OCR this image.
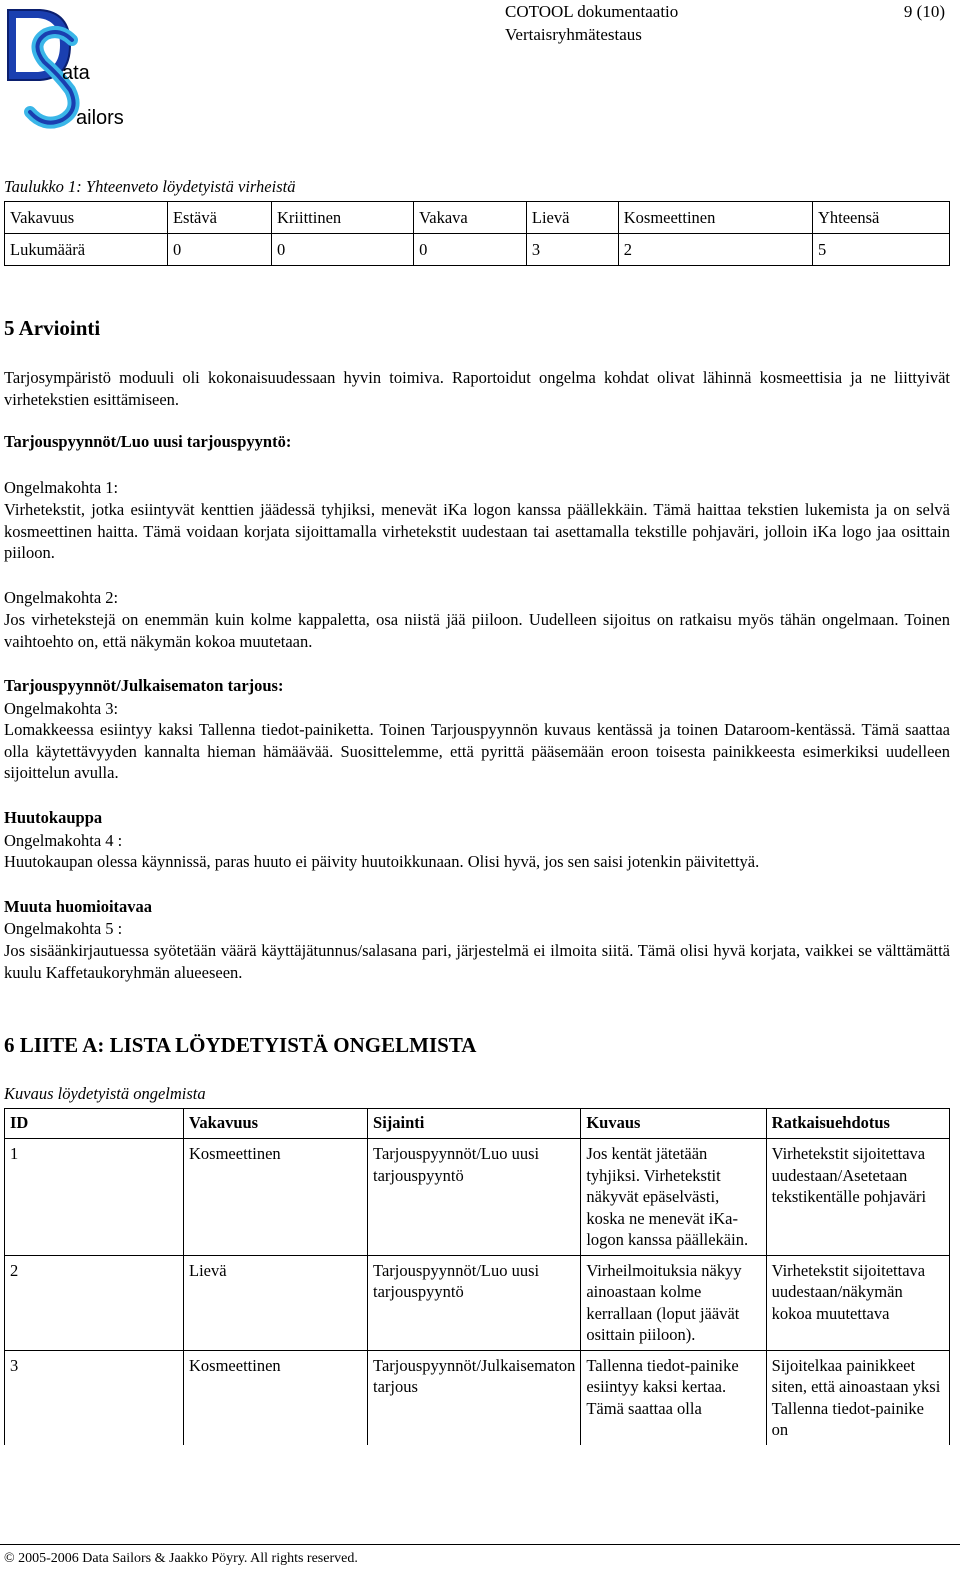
COTOOL dokumentaatio	9 (10)
Vertaisryhmätestaus
ata
ailors
Taulukko 1: Yhteenveto löydetyistä virheistä
Vakavuus	Estävä	Kriittinen	Vakava	Lievä	Kosmeettinen	Yhteensä
Lukumäärä	0	0	0	3	2	5
5 Arviointi
Tarjosympäristö moduuli oli kokonaisuudessaan hyvin toimiva. Raportoidut ongelma kohdat olivat lähinnä kosmeettisia ja ne liittyivät virhetekstien esittämiseen.
Tarjouspyynnöt/Luo uusi tarjouspyyntö:
Ongelmakohta 1:
Virhetekstit, jotka esiintyvät kenttien jäädessä tyhjiksi, menevät iKa logon kanssa päällekkäin. Tämä haittaa tekstien lukemista ja on selvä kosmeettinen haitta. Tämä voidaan korjata sijoittamalla virhetekstit uudestaan tai asettamalla tekstille pohjaväri, jolloin iKa logo jaa osittain piiloon.
Ongelmakohta 2:
Jos virhetekstejä on enemmän kuin kolme kappaletta, osa niistä jää piiloon. Uudelleen sijoitus on ratkaisu myös tähän ongelmaan. Toinen vaihtoehto on, että näkymän kokoa muutetaan.
Tarjouspyynnöt/Julkaisematon tarjous:
Ongelmakohta 3:
Lomakkeessa esiintyy kaksi Tallenna tiedot-painiketta. Toinen Tarjouspyynnön kuvaus kentässä ja toinen Dataroom-kentässä. Tämä saattaa olla käytettävyyden kannalta hieman hämäävää. Suosittelemme, että pyrittä pääsemään eroon toisesta painikkeesta esimerkiksi uudelleen sijoittelun avulla.
Huutokauppa
Ongelmakohta 4 :
Huutokaupan olessa käynnissä, paras huuto ei päivity huutoikkunaan. Olisi hyvä, jos sen saisi jotenkin päivitettyä.
Muuta huomioitavaa
Ongelmakohta 5 :
Jos sisäänkirjautuessa syötetään väärä käyttäjätunnus/salasana pari, järjestelmä ei ilmoita siitä. Tämä olisi hyvä korjata, vaikkei se välttämättä kuulu Kaffetaukoryhmän alueeseen.
6 LIITE A: LISTA LÖYDETYISTÄ ONGELMISTA
Kuvaus löydetyistä ongelmista
ID	Vakavuus	Sijainti	Kuvaus	Ratkaisuehdotus
1	Kosmeettinen	Tarjouspyynnöt/Luo uusi tarjouspyyntö	Jos kentät jätetään tyhjiksi. Virhetekstit näkyvät epäselvästi, koska ne menevät iKa-logon kanssa päällekäin.	Virhetekstit sijoitettava uudestaan/Asetetaan tekstikentälle pohjaväri
2	Lievä	Tarjouspyynnöt/Luo uusi tarjouspyyntö	Virheilmoituksia näkyy ainoastaan kolme kerrallaan (loput jäävät osittain piiloon).	Virhetekstit sijoitettava uudestaan/näkymän kokoa muutettava
3	Kosmeettinen	Tarjouspyynnöt/Julkaisematon tarjous	Tallenna tiedot-painike esiintyy kaksi kertaa. Tämä saattaa olla	Sijoitelkaa painikkeet siten, että ainoastaan yksi Tallenna tiedot-painike on
© 2005-2006 Data Sailors & Jaakko Pöyry. All rights reserved.
